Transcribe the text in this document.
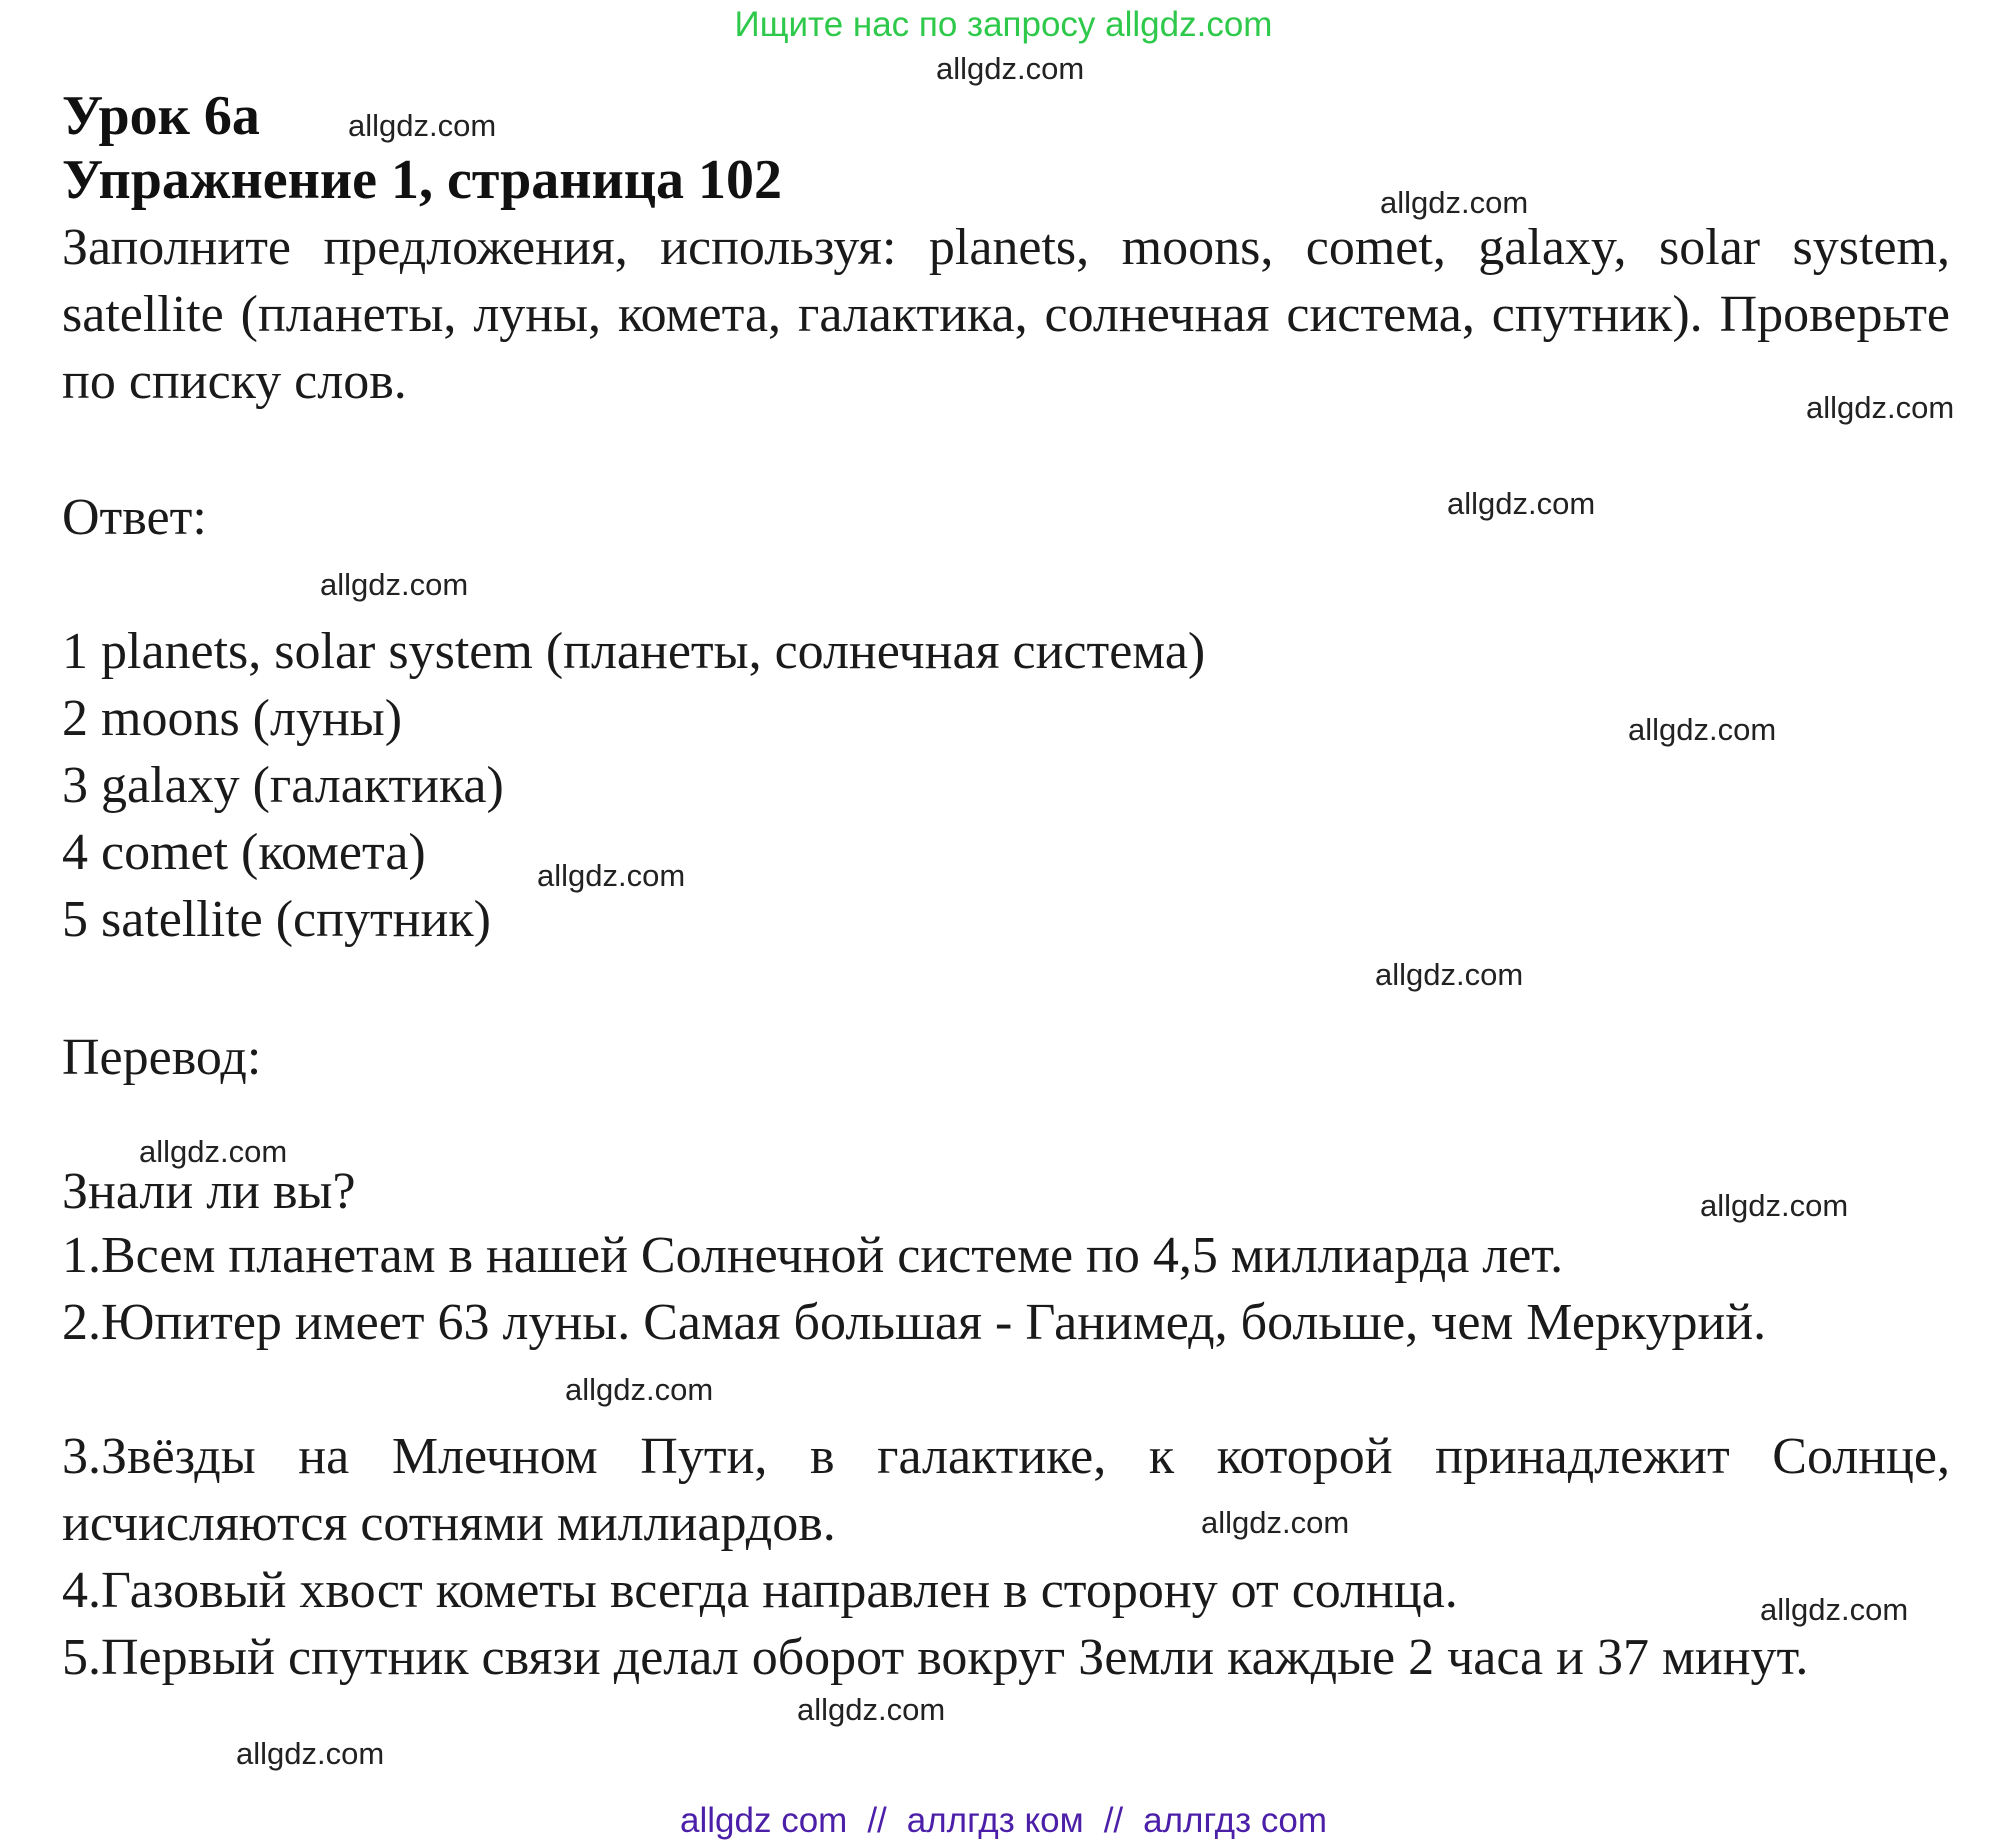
Ищите нас по запросу allgdz.com
allgdz.com
allgdz.com
allgdz.com
allgdz.com
allgdz.com
allgdz.com
allgdz.com
allgdz.com
allgdz.com
allgdz.com
allgdz.com
allgdz.com
allgdz.com
allgdz.com
allgdz.com
allgdz.com
Урок 6а
Упражнение 1, страница 102
Заполните предложения, используя: planets, moons, comet, galaxy, solar system, satellite (планеты, луны, комета, галактика, солнечная система, спутник). Проверьте по списку слов.
Ответ:
1 planets, solar system (планеты, солнечная система)
2 moons (луны)
3 galaxy (галактика)
4 comet (комета)
5 satellite (спутник)
Перевод:
Знали ли вы?
1.Всем планетам в нашей Солнечной системе по 4,5 миллиарда лет.
2.Юпитер имеет 63 луны. Самая большая - Ганимед, больше, чем Меркурий.
3.Звёзды на Млечном Пути, в галактике, к которой принадлежит Солнце, исчисляются сотнями миллиардов.
4.Газовый хвост кометы всегда направлен в сторону от солнца.
5.Первый спутник связи делал оборот вокруг Земли каждые 2 часа и 37 минут.
allgdz com // аллгдз ком // аллгдз com
